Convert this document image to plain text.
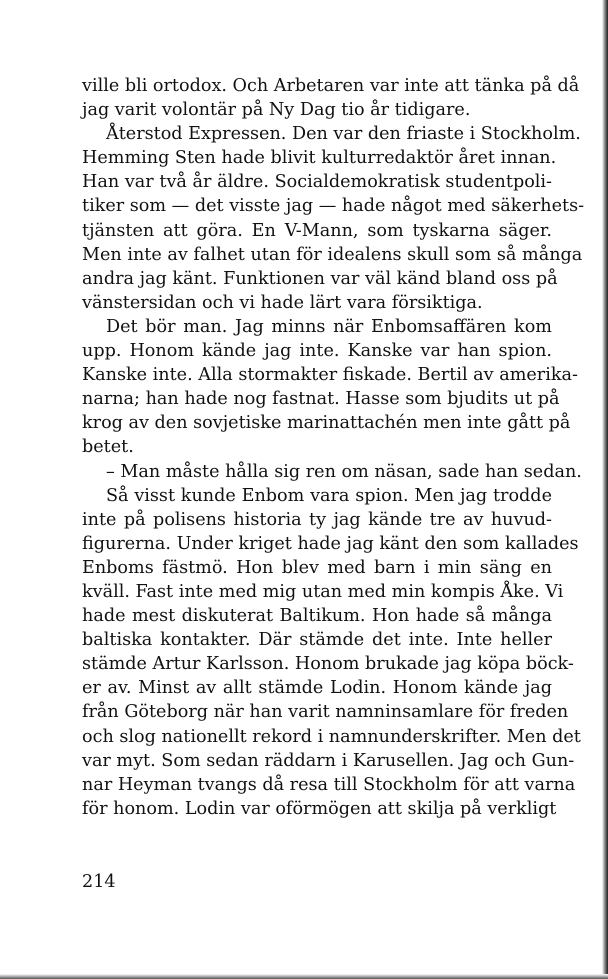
ville bli ortodox. Och Arbetaren var inte att tänka på då
jag varit volontär på Ny Dag tio år tidigare.
Återstod Expressen. Den var den friaste i Stockholm.
Hemming Sten hade blivit kulturredaktör året innan.
Han var två år äldre. Socialdemokratisk studentpoli-
tiker som — det visste jag — hade något med säkerhets-
tjänsten att göra. En V-Mann, som tyskarna säger.
Men inte av falhet utan för idealens skull som så många
andra jag känt. Funktionen var väl känd bland oss på
vänstersidan och vi hade lärt vara försiktiga.
Det bör man. Jag minns när Enbomsaffären kom
upp. Honom kände jag inte. Kanske var han spion.
Kanske inte. Alla stormakter fiskade. Bertil av amerika-
narna; han hade nog fastnat. Hasse som bjudits ut på
krog av den sovjetiske marinattachén men inte gått på
betet.
– Man måste hålla sig ren om näsan, sade han sedan.
Så visst kunde Enbom vara spion. Men jag trodde
inte på polisens historia ty jag kände tre av huvud-
figurerna. Under kriget hade jag känt den som kallades
Enboms fästmö. Hon blev med barn i min säng en
kväll. Fast inte med mig utan med min kompis Åke. Vi
hade mest diskuterat Baltikum. Hon hade så många
baltiska kontakter. Där stämde det inte. Inte heller
stämde Artur Karlsson. Honom brukade jag köpa böck-
er av. Minst av allt stämde Lodin. Honom kände jag
från Göteborg när han varit namninsamlare för freden
och slog nationellt rekord i namnunderskrifter. Men det
var myt. Som sedan räddarn i Karusellen. Jag och Gun-
nar Heyman tvangs då resa till Stockholm för att varna
för honom. Lodin var oförmögen att skilja på verkligt
214
